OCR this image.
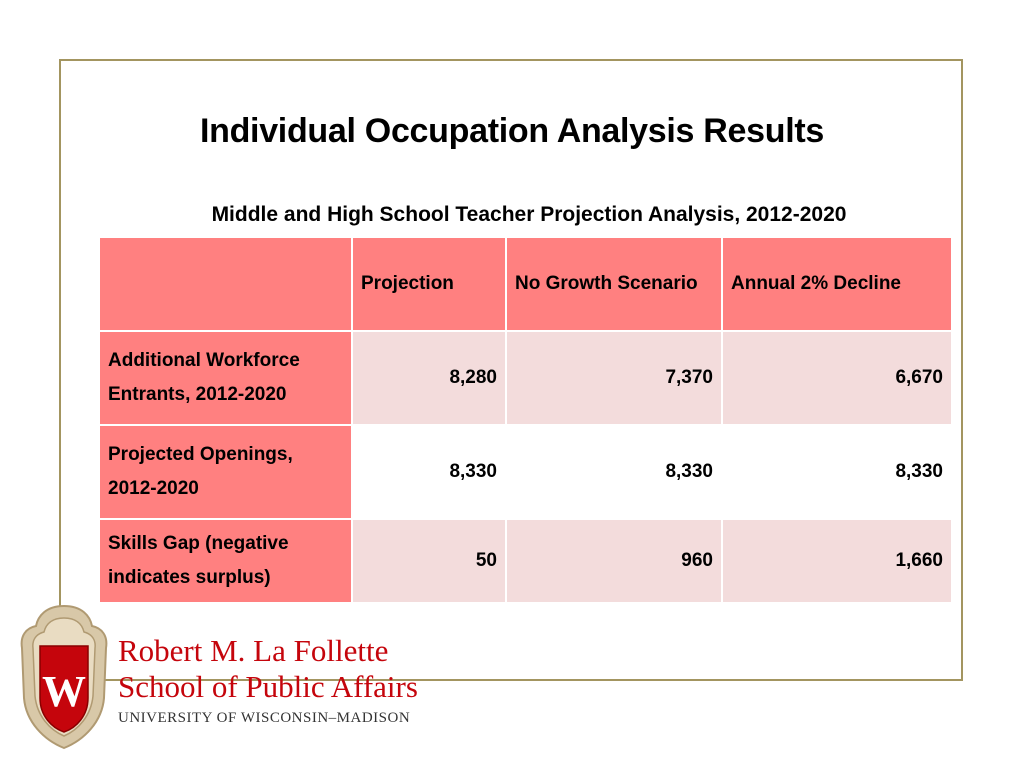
Individual Occupation Analysis Results
Middle and High School Teacher Projection Analysis, 2012-2020
	Projection	No Growth Scenario	Annual 2% Decline
Additional Workforce Entrants, 2012-2020	8,280	7,370	6,670
Projected Openings, 2012-2020	8,330	8,330	8,330
Skills Gap (negative indicates surplus)	50	960	1,660
W
Robert M. La Follette
School of Public Affairs
UNIVERSITY OF WISCONSIN–MADISON
